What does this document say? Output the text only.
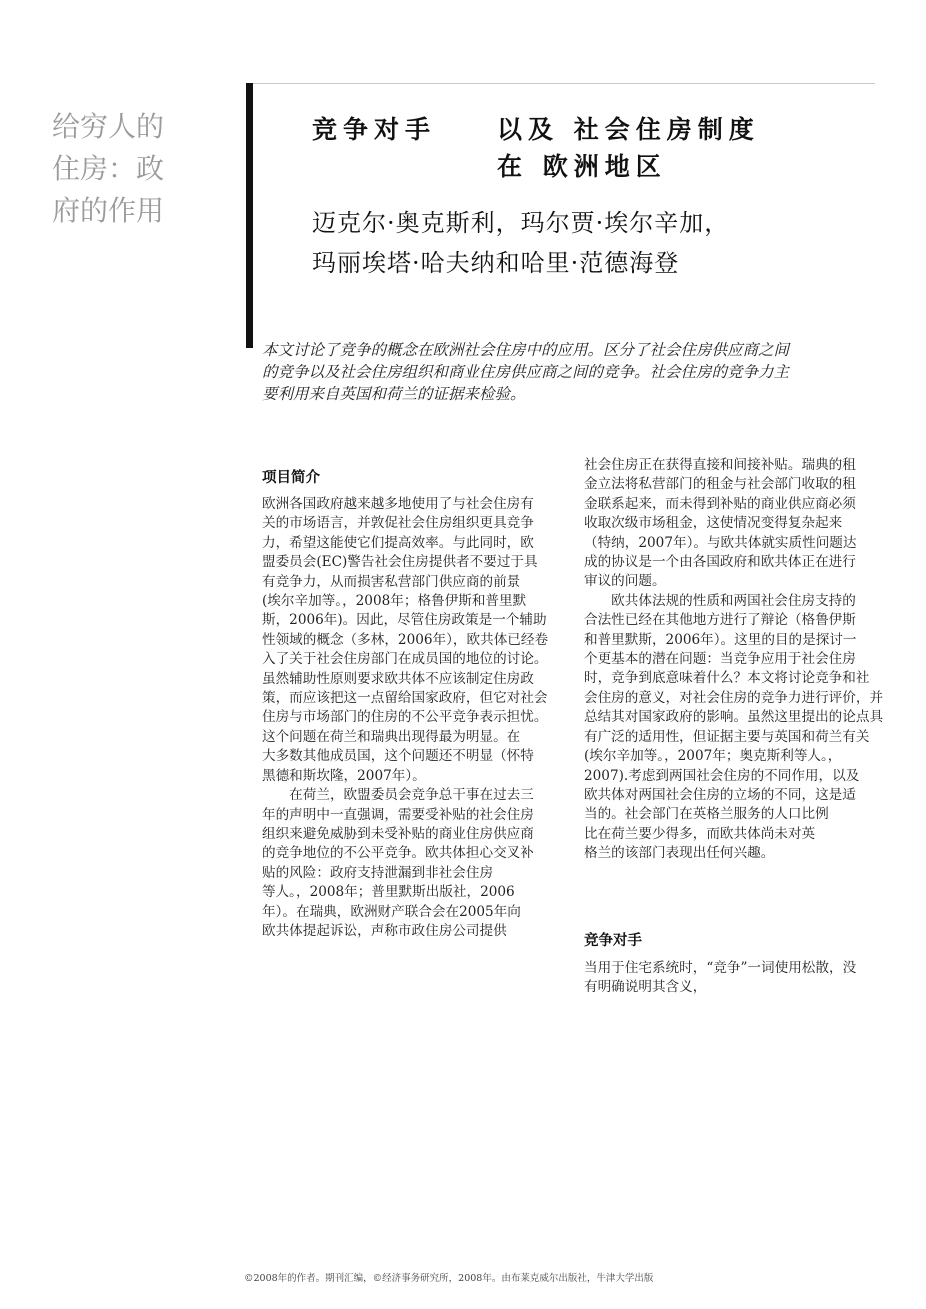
给穷人的
住房：政
府的作用
竞争对手 以及 社会住房制度
在 欧洲地区
迈克尔·奥克斯利，玛尔贾·埃尔辛加，
玛丽埃塔·哈夫纳和哈里·范德海登
本文讨论了竞争的概念在欧洲社会住房中的应用。区分了社会住房供应商之间
的竞争以及社会住房组织和商业住房供应商之间的竞争。社会住房的竞争力主
要利用来自英国和荷兰的证据来检验。
项目简介
欧洲各国政府越来越多地使用了与社会住房有
关的市场语言，并敦促社会住房组织更具竞争
力，希望这能使它们提高效率。与此同时，欧
盟委员会(EC)警告社会住房提供者不要过于具
有竞争力，从而损害私营部门供应商的前景
(埃尔辛加等。，2008年；格鲁伊斯和普里默
斯，2006年)。因此，尽管住房政策是一个辅助
性领域的概念（多林，2006年），欧共体已经卷
入了关于社会住房部门在成员国的地位的讨论。
虽然辅助性原则要求欧共体不应该制定住房政
策，而应该把这一点留给国家政府，但它对社会
住房与市场部门的住房的不公平竞争表示担忧。
这个问题在荷兰和瑞典出现得最为明显。在
大多数其他成员国，这个问题还不明显（怀特
黑德和斯坎隆，2007年）。
　　在荷兰，欧盟委员会竞争总干事在过去三
年的声明中一直强调，需要受补贴的社会住房
组织来避免威胁到未受补贴的商业住房供应商
的竞争地位的不公平竞争。欧共体担心交叉补
贴的风险：政府支持泄漏到非社会住房
等人。，2008年；普里默斯出版社，2006
年）。在瑞典，欧洲财产联合会在2005年向
欧共体提起诉讼，声称市政住房公司提供
社会住房正在获得直接和间接补贴。瑞典的租
金立法将私营部门的租金与社会部门收取的租
金联系起来，而未得到补贴的商业供应商必须
收取次级市场租金，这使情况变得复杂起来
（特纳，2007年）。与欧共体就实质性问题达
成的协议是一个由各国政府和欧共体正在进行
审议的问题。
　　欧共体法规的性质和两国社会住房支持的
合法性已经在其他地方进行了辩论（格鲁伊斯
和普里默斯，2006年）。这里的目的是探讨一
个更基本的潜在问题：当竞争应用于社会住房
时，竞争到底意味着什么？本文将讨论竞争和社
会住房的意义，对社会住房的竞争力进行评价，并
总结其对国家政府的影响。虽然这里提出的论点具
有广泛的适用性，但证据主要与英国和荷兰有关
(埃尔辛加等。，2007年；奥克斯利等人。，
2007).考虑到两国社会住房的不同作用，以及
欧共体对两国社会住房的立场的不同，这是适
当的。社会部门在英格兰服务的人口比例
比在荷兰要少得多，而欧共体尚未对英
格兰的该部门表现出任何兴趣。
竞争对手
当用于住宅系统时，“竞争”一词使用松散，没
有明确说明其含义，
©2008年的作者。期刊汇编，©经济事务研究所，2008年。由布莱克威尔出版社，牛津大学出版
